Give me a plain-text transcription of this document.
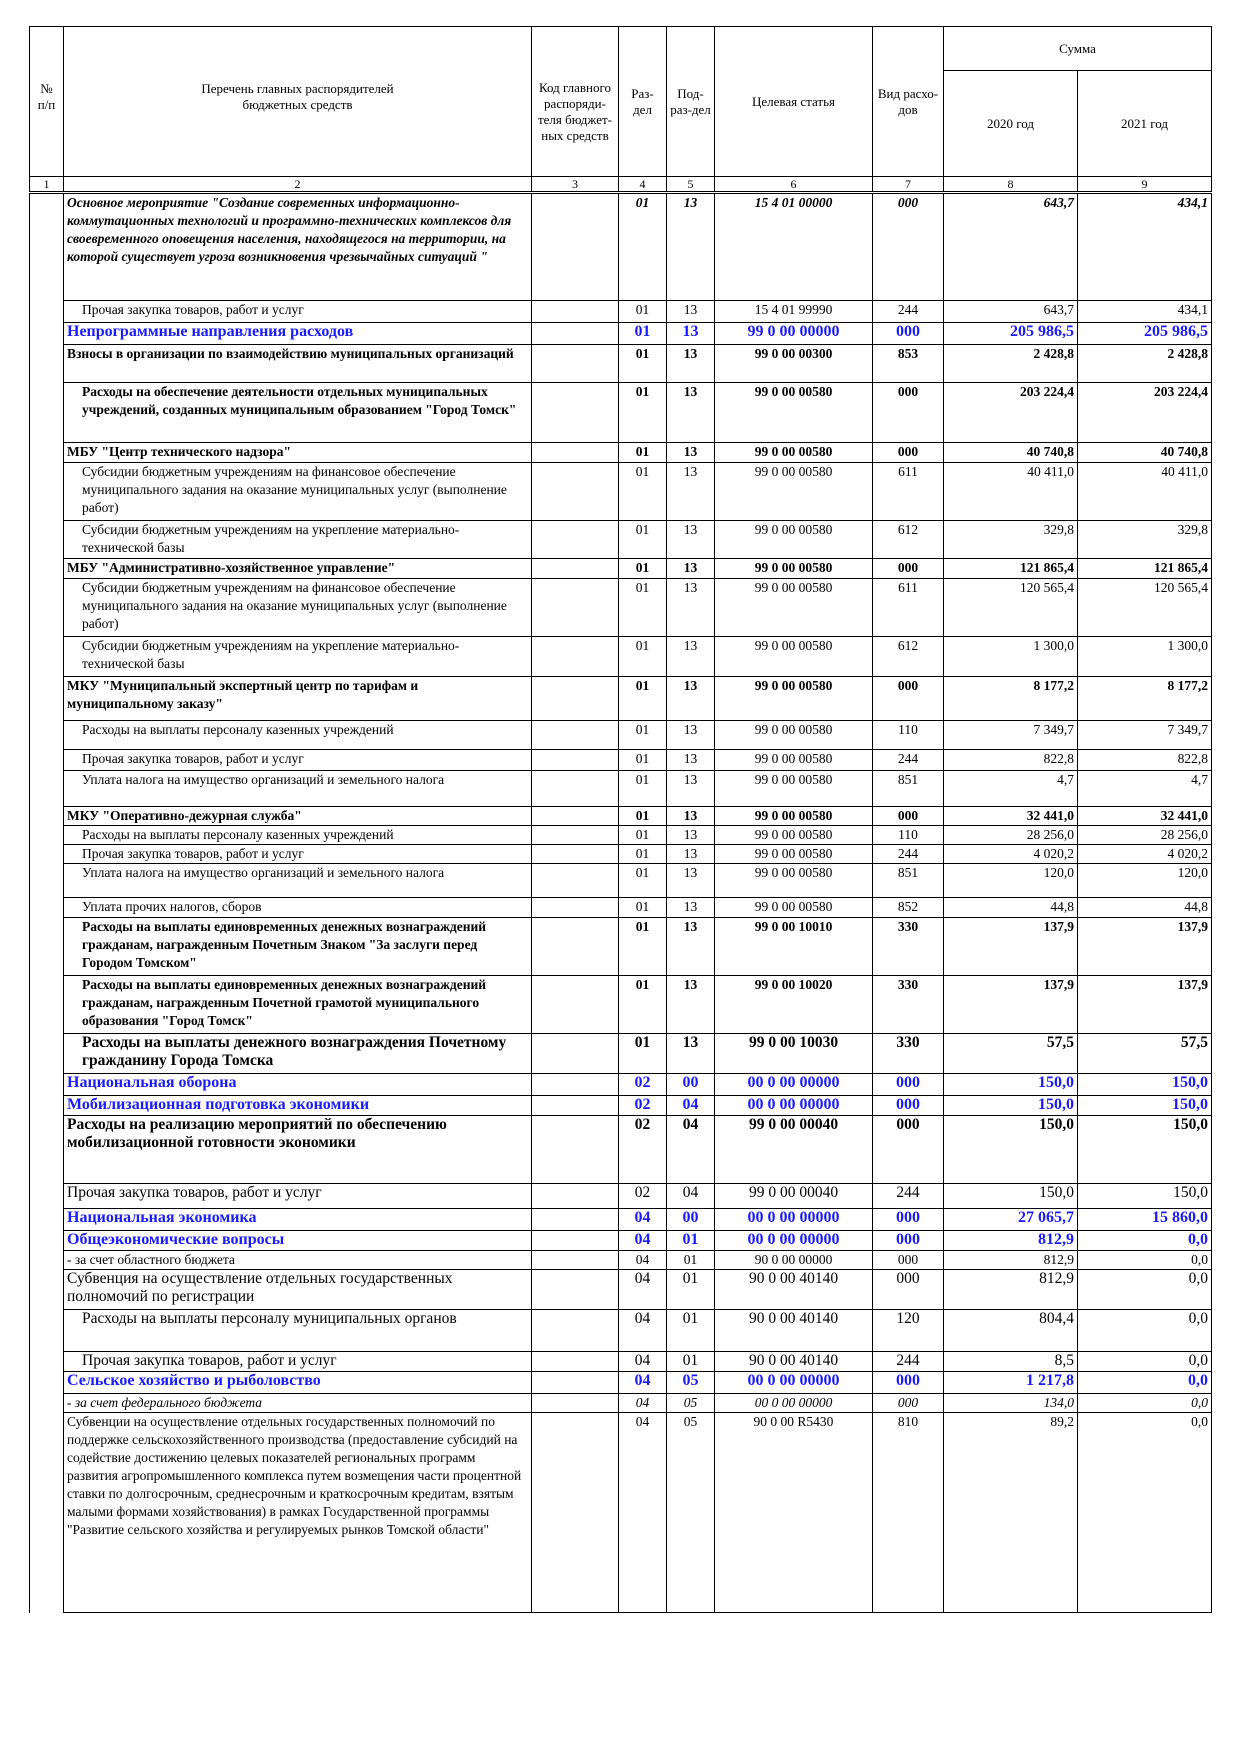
№
п/п	Перечень главных распорядителей бюджетных средств	Код главного распоряди-теля бюджет-ных средств	Раз-дел	Под-раз-дел	Целевая статья	Вид расхо-дов	Сумма	
							2020 год	2021 год
1	2	3	4	5	6	7	8	9
	Основное мероприятие "Создание современных информационно-коммутационных технологий и программно-технических комплексов для своевременного оповещения населения, находящегося на территории, на которой существует угроза возникновения чрезвычайных ситуаций "		01	13	15 4 01 00000	000	643,7	434,1
	Прочая закупка товаров, работ и услуг		01	13	15 4 01 99990	244	643,7	434,1
	Непрограммные направления расходов		01	13	99 0 00 00000	000	205 986,5	205 986,5
	Взносы в организации по взаимодействию муниципальных организаций		01	13	99 0 00 00300	853	2 428,8	2 428,8
	Расходы на обеспечение деятельности отдельных муниципальных учреждений, созданных муниципальным образованием "Город Томск"		01	13	99 0 00 00580	000	203 224,4	203 224,4
	МБУ "Центр технического надзора"		01	13	99 0 00 00580	000	40 740,8	40 740,8
	Субсидии бюджетным учреждениям на финансовое обеспечение муниципального задания на оказание муниципальных услуг (выполнение работ)		01	13	99 0 00 00580	611	40 411,0	40 411,0
	Субсидии бюджетным учреждениям на укрепление материально-технической базы		01	13	99 0 00 00580	612	329,8	329,8
	МБУ "Административно-хозяйственное управление"		01	13	99 0 00 00580	000	121 865,4	121 865,4
	Субсидии бюджетным учреждениям на финансовое обеспечение муниципального задания на оказание муниципальных услуг (выполнение работ)		01	13	99 0 00 00580	611	120 565,4	120 565,4
	Субсидии бюджетным учреждениям на укрепление материально-технической базы		01	13	99 0 00 00580	612	1 300,0	1 300,0
	МКУ "Муниципальный экспертный центр по тарифам и муниципальному заказу"		01	13	99 0 00 00580	000	8 177,2	8 177,2
	Расходы на выплаты персоналу казенных учреждений		01	13	99 0 00 00580	110	7 349,7	7 349,7
	Прочая закупка товаров, работ и услуг		01	13	99 0 00 00580	244	822,8	822,8
	Уплата налога на имущество организаций и земельного налога		01	13	99 0 00 00580	851	4,7	4,7
	МКУ "Оперативно-дежурная служба"		01	13	99 0 00 00580	000	32 441,0	32 441,0
	Расходы на выплаты персоналу казенных учреждений		01	13	99 0 00 00580	110	28 256,0	28 256,0
	Прочая закупка товаров, работ и услуг		01	13	99 0 00 00580	244	4 020,2	4 020,2
	Уплата налога на имущество организаций и земельного налога		01	13	99 0 00 00580	851	120,0	120,0
	Уплата прочих налогов, сборов		01	13	99 0 00 00580	852	44,8	44,8
	Расходы на выплаты единовременных денежных вознаграждений гражданам, награжденным Почетным Знаком "За заслуги перед Городом Томском"		01	13	99 0 00 10010	330	137,9	137,9
	Расходы на выплаты единовременных денежных вознаграждений гражданам, награжденным Почетной грамотой муниципального образования "Город Томск"		01	13	99 0 00 10020	330	137,9	137,9
	Расходы на выплаты денежного вознаграждения Почетному гражданину Города Томска		01	13	99 0 00 10030	330	57,5	57,5
	Национальная оборона		02	00	00 0 00 00000	000	150,0	150,0
	Мобилизационная подготовка экономики		02	04	00 0 00 00000	000	150,0	150,0
	Расходы на реализацию мероприятий по обеспечению мобилизационной готовности экономики		02	04	99 0 00 00040	000	150,0	150,0
	Прочая закупка товаров, работ и услуг		02	04	99 0 00 00040	244	150,0	150,0
	Национальная экономика		04	00	00 0 00 00000	000	27 065,7	15 860,0
	Общеэкономические вопросы		04	01	00 0 00 00000	000	812,9	0,0
	- за счет областного бюджета		04	01	90 0 00 00000	000	812,9	0,0
	Субвенция на осуществление отдельных государственных полномочий по регистрации		04	01	90 0 00 40140	000	812,9	0,0
	Расходы на выплаты персоналу муниципальных органов		04	01	90 0 00 40140	120	804,4	0,0
	Прочая закупка товаров, работ и услуг		04	01	90 0 00 40140	244	8,5	0,0
	Сельское хозяйство и рыболовство		04	05	00 0 00 00000	000	1 217,8	0,0
	- за счет федерального бюджета		04	05	00 0 00 00000	000	134,0	0,0
	Субвенции на осуществление отдельных государственных полномочий по поддержке сельскохозяйственного производства (предоставление субсидий на содействие достижению целевых показателей региональных программ развития агропромышленного комплекса путем возмещения части процентной ставки по долгосрочным, среднесрочным и краткосрочным кредитам, взятым малыми формами хозяйствования) в рамках Государственной программы "Развитие сельского хозяйства и регулируемых рынков Томской области"		04	05	90 0 00 R5430	810	89,2	0,0
